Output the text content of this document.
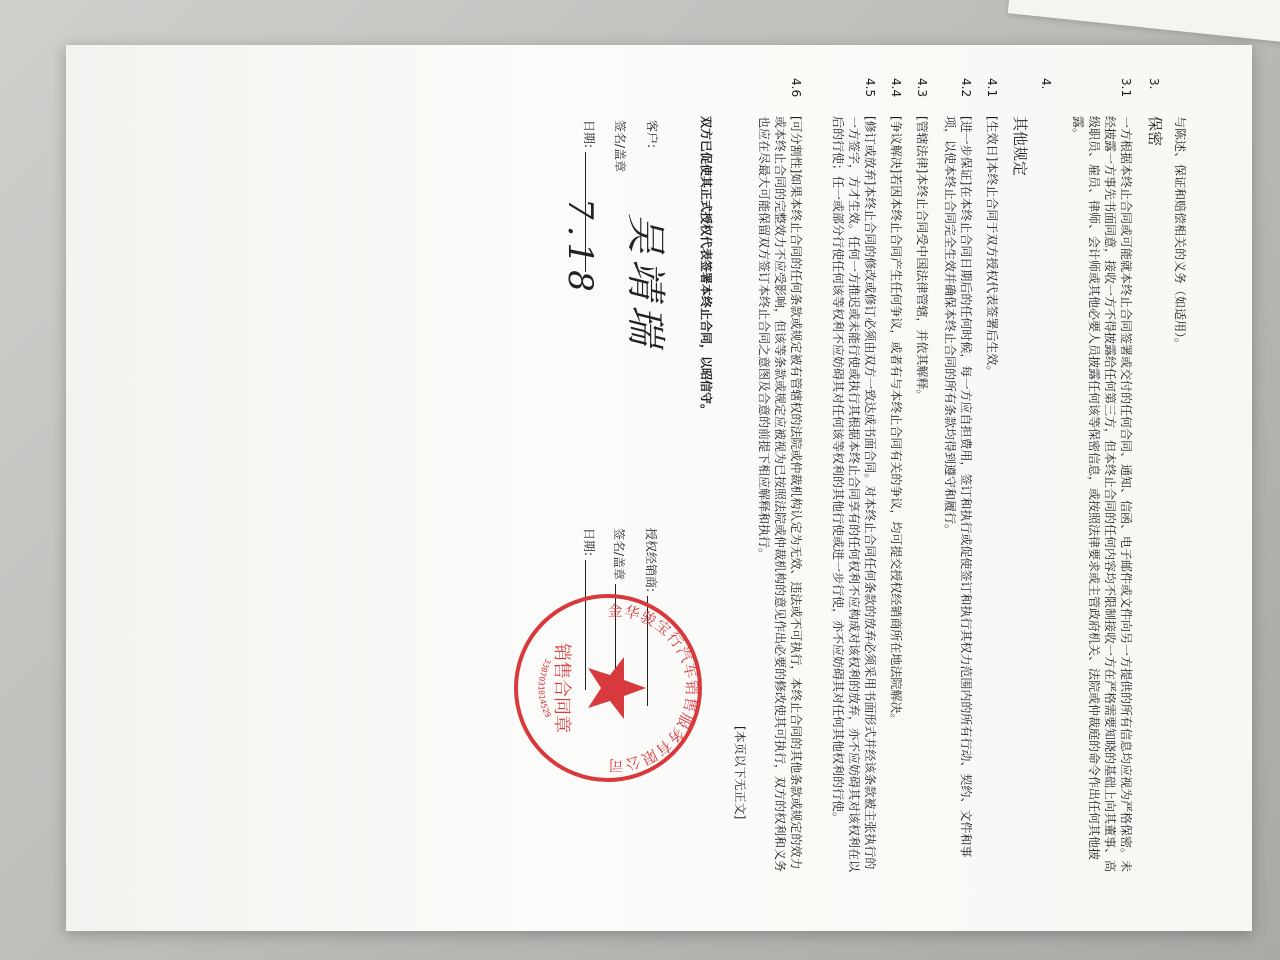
与陈述、保证和赔偿相关的义务（如适用）。

3.
保密
3.1

一方根据本终止合同或可能就本终止合同签署或交付的任何合同、通知、信函、电子邮件或文件向另一方提供的所有信息均应视为严格保密。未经披露一方事先书面同意，接收一方不得披露给任何第三方，但本终止合同的任何内容均不限制接收一方在严格需要知晓的基础上向其董事、高级职员、雇员、律师、会计师或其他必要人员披露任何该等保密信息，或按照法律要求或主管政府机关、法院或仲裁庭的命令作出任何其他披露。

4.
其他规定
4.1

[生效日]本终止合同于双方授权代表签署后生效。

4.2

[进一步保证]在本终止合同日期后的任何时候，每一方应自担费用，签订和执行或促使签订和执行其权力范围内的所有行动、契约、文件和事项，以使本终止合同完全生效并确保本终止合同的所有条款均得到遵守和履行。

4.3

[管辖法律]本终止合同受中国法律管辖，并依其解释。

4.4

[争议解决]若因本终止合同产生任何争议，或者有与本终止合同有关的争议，均可提交授权经销商所在地法院解决。

4.5

[修订或放弃]本终止合同的修改或修订必须由双方一致达成书面合同。对本终止合同任何条款的放弃必须采用书面形式并经该条款被主张执行的一方签字，方才生效。任何一方推迟或未能行使或执行其根据本终止合同享有的任何权利不应构成对该权利的放弃，亦不应妨碍其对该权利在以后的行使；任一或部分行使任何该等权利不应妨碍其对任何该等权利的其他行使或进一步行使，亦不应妨碍其对任何其他权利的行使。

4.6

[可分割性]如果本终止合同的任何条款或规定被有管辖权的法院或仲裁机构认定为无效、违法或不可执行，本终止合同的其他条款或规定的效力或本终止合同的完整效力不应受影响，但该等条款或规定应被视为已按照法院或仲裁机构的意见作出必要的修改使其可执行，双方的权利和义务也应在尽最大可能保留双方签订本终止合同之意图及合意的前提下相应解释和执行。

[本页以下无正文]

双方已促使其正式授权代表签署本终止合同，以昭信守。

客户:
签名/盖章
日期:
授权经销商:
签名/盖章
日期:
吴靖瑞
7.18
金华骏宝行汽车销售服务有限公司
销售合同章
3307031014529
